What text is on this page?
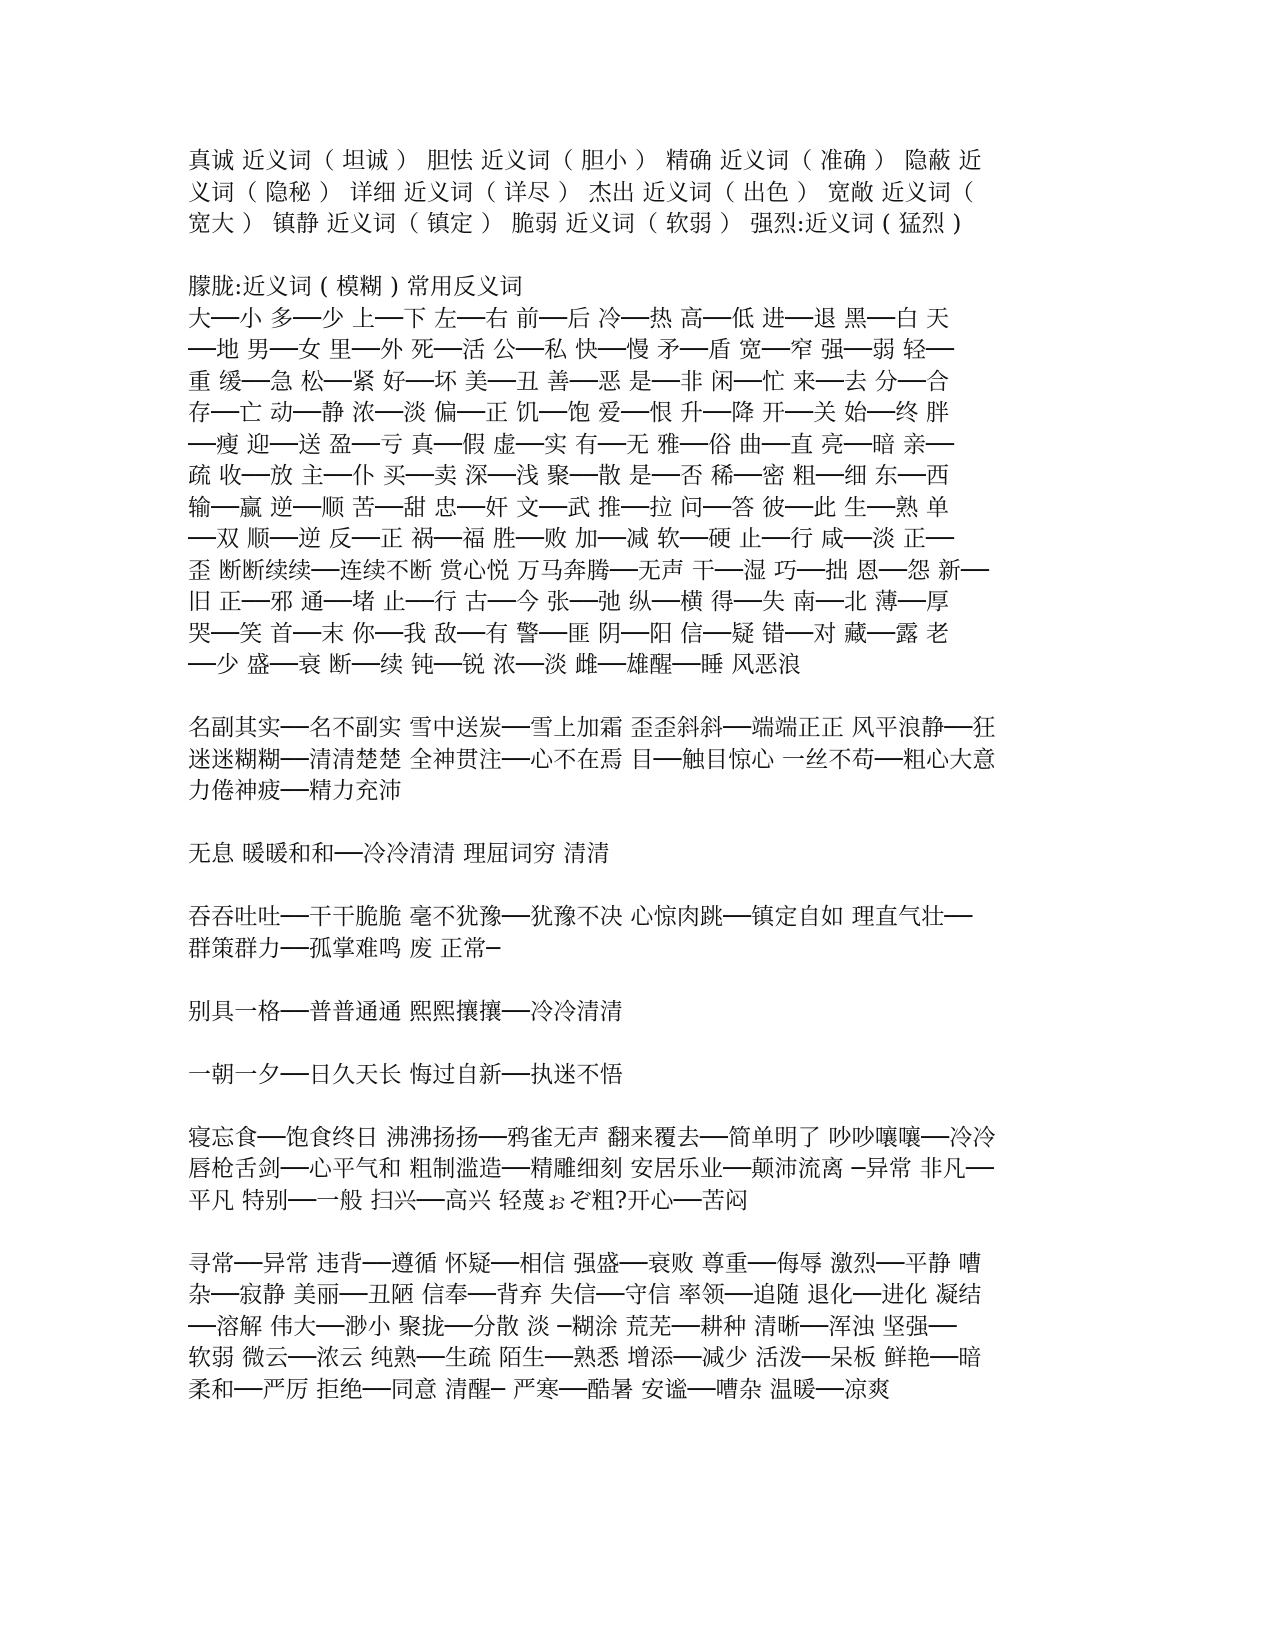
真诚 近义词（ 坦诚 ） 胆怯 近义词（ 胆小 ） 精确 近义词（ 准确 ） 隐蔽 近
义词（ 隐秘 ） 详细 近义词（ 详尽 ） 杰出 近义词（ 出色 ） 宽敞 近义词（
宽大 ） 镇静 近义词（ 镇定 ） 脆弱 近义词（ 软弱 ） 强烈:近义词 ( 猛烈 )
朦胧:近义词 ( 模糊 ) 常用反义词
大──小 多──少 上──下 左──右 前──后 冷──热 高──低 进──退 黑──白 天
──地 男──女 里──外 死──活 公──私 快──慢 矛──盾 宽──窄 强──弱 轻──
重 缓──急 松──紧 好──坏 美──丑 善──恶 是──非 闲──忙 来──去 分──合
存──亡 动──静 浓──淡 偏──正 饥──饱 爱──恨 升──降 开──关 始──终 胖
──瘦 迎──送 盈──亏 真──假 虚──实 有──无 雅──俗 曲──直 亮──暗 亲──
疏 收──放 主──仆 买──卖 深──浅 聚──散 是──否 稀──密 粗──细 东──西
输──赢 逆──顺 苦──甜 忠──奸 文──武 推──拉 问──答 彼──此 生──熟 单
──双 顺──逆 反──正 祸──福 胜──败 加──减 软──硬 止──行 咸──淡 正──
歪 断断续续──连续不断 赏心悦 万马奔腾──无声 干──湿 巧──拙 恩──怨 新──
旧 正──邪 通──堵 止──行 古──今 张──弛 纵──横 得──失 南──北 薄──厚
哭──笑 首──末 你──我 敌──有 警──匪 阴──阳 信──疑 错──对 藏──露 老
──少 盛──衰 断──续 钝──锐 浓──淡 雌──雄醒──睡 风恶浪
名副其实──名不副实 雪中送炭──雪上加霜 歪歪斜斜──端端正正 风平浪静──狂
迷迷糊糊──清清楚楚 全神贯注──心不在焉 目──触目惊心 一丝不苟──粗心大意
力倦神疲──精力充沛
无息 暖暖和和──冷冷清清 理屈词穷 清清
吞吞吐吐──干干脆脆 毫不犹豫──犹豫不决 心惊肉跳──镇定自如 理直气壮──
群策群力──孤掌难鸣 废 正常─
别具一格──普普通通 熙熙攘攘──冷冷清清
一朝一夕──日久天长 悔过自新──执迷不悟
寝忘食──饱食终日 沸沸扬扬──鸦雀无声 翻来覆去──简单明了 吵吵嚷嚷──冷冷
唇枪舌剑──心平气和 粗制滥造──精雕细刻 安居乐业──颠沛流离 ─异常 非凡──
平凡 特别──一般 扫兴──高兴 轻蔑ぉぞ粗?开心──苦闷
寻常──异常 违背──遵循 怀疑──相信 强盛──衰败 尊重──侮辱 激烈──平静 嘈
杂──寂静 美丽──丑陋 信奉──背弃 失信──守信 率领──追随 退化──进化 凝结
──溶解 伟大──渺小 聚拢──分散 淡 ─糊涂 荒芜──耕种 清晰──浑浊 坚强──
软弱 微云──浓云 纯熟──生疏 陌生──熟悉 增添──减少 活泼──呆板 鲜艳──暗
柔和──严厉 拒绝──同意 清醒─ 严寒──酷暑 安谧──嘈杂 温暖──凉爽
